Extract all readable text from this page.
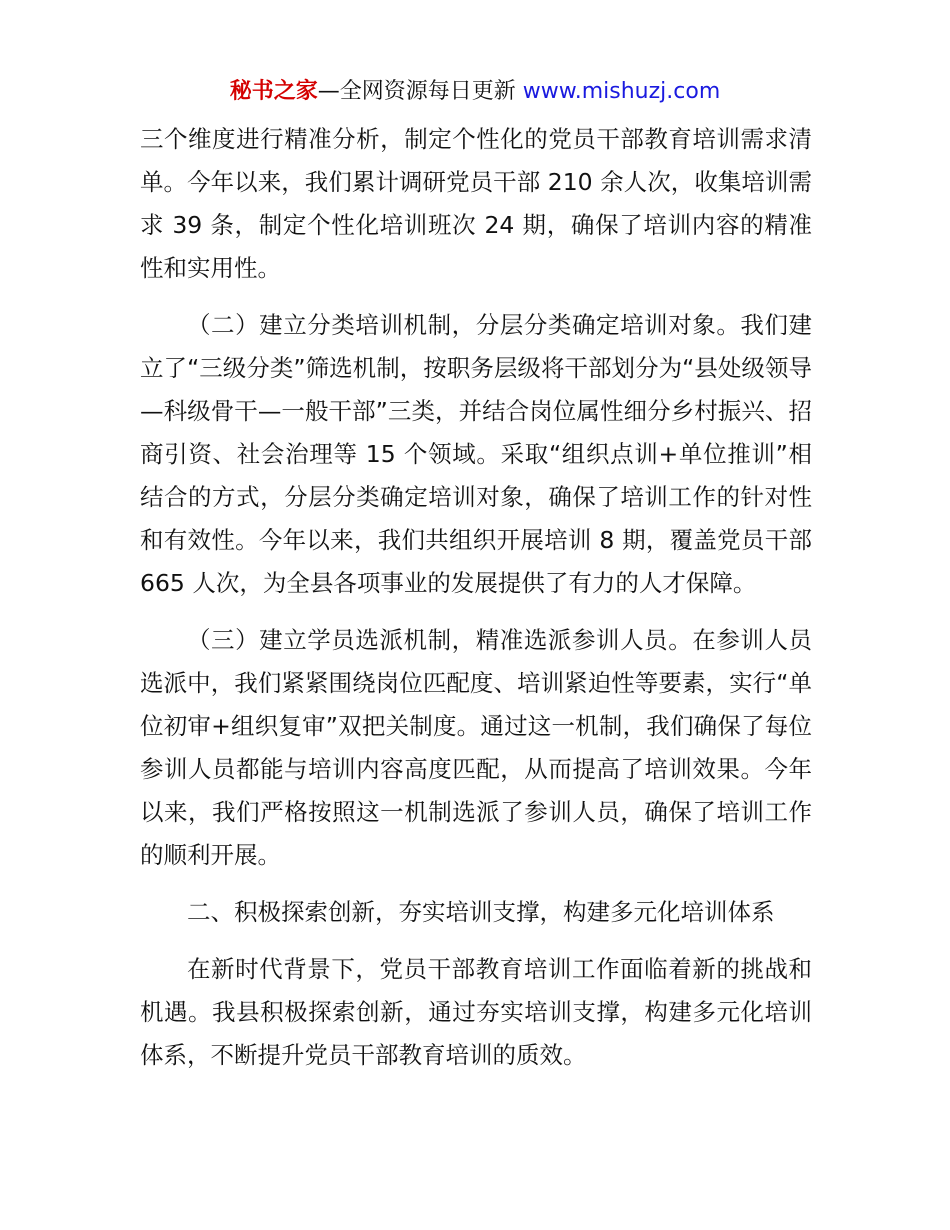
秘书之家—全网资源每日更新 www.mishuzj.com

三个维度进行精准分析，制定个性化的党员干部教育培训需求清单。今年以来，我们累计调研党员干部 210 余人次，收集培训需求 39 条，制定个性化培训班次 24 期，确保了培训内容的精准性和实用性。

（二）建立分类培训机制，分层分类确定培训对象。我们建立了“三级分类”筛选机制，按职务层级将干部划分为“县处级领导—科级骨干—一般干部”三类，并结合岗位属性细分乡村振兴、招商引资、社会治理等 15 个领域。采取“组织点训+单位推训”相结合的方式，分层分类确定培训对象，确保了培训工作的针对性和有效性。今年以来，我们共组织开展培训 8 期，覆盖党员干部 665 人次，为全县各项事业的发展提供了有力的人才保障。

（三）建立学员选派机制，精准选派参训人员。在参训人员选派中，我们紧紧围绕岗位匹配度、培训紧迫性等要素，实行“单位初审+组织复审”双把关制度。通过这一机制，我们确保了每位参训人员都能与培训内容高度匹配，从而提高了培训效果。今年以来，我们严格按照这一机制选派了参训人员，确保了培训工作的顺利开展。

二、积极探索创新，夯实培训支撑，构建多元化培训体系

在新时代背景下，党员干部教育培训工作面临着新的挑战和机遇。我县积极探索创新，通过夯实培训支撑，构建多元化培训体系，不断提升党员干部教育培训的质效。
